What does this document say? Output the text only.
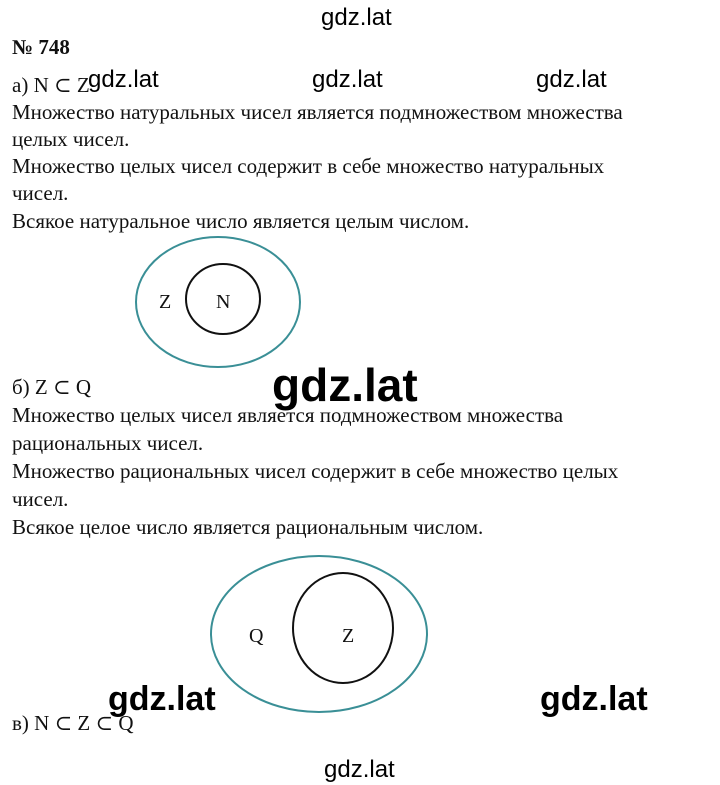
gdz.lat
gdz.lat	gdz.lat	gdz.lat
№ 748
а) N ⊂ Z
Множество натуральных чисел является подмножеством множества
целых чисел.
Множество целых чисел содержит в себе множество натуральных
чисел.
Всякое натуральное число является целым числом.
Z N
Q	Z
б) Z ⊂ Q	gdz.lat
Множество целых чисел является подмножеством множества
рациональных чисел.
Множество рациональных чисел содержит в себе множество целых
чисел.
Всякое целое число является рациональным числом.
в) N ⊂ Z ⊂ Q
gdz.lat	gdz.lat
gdz.lat
